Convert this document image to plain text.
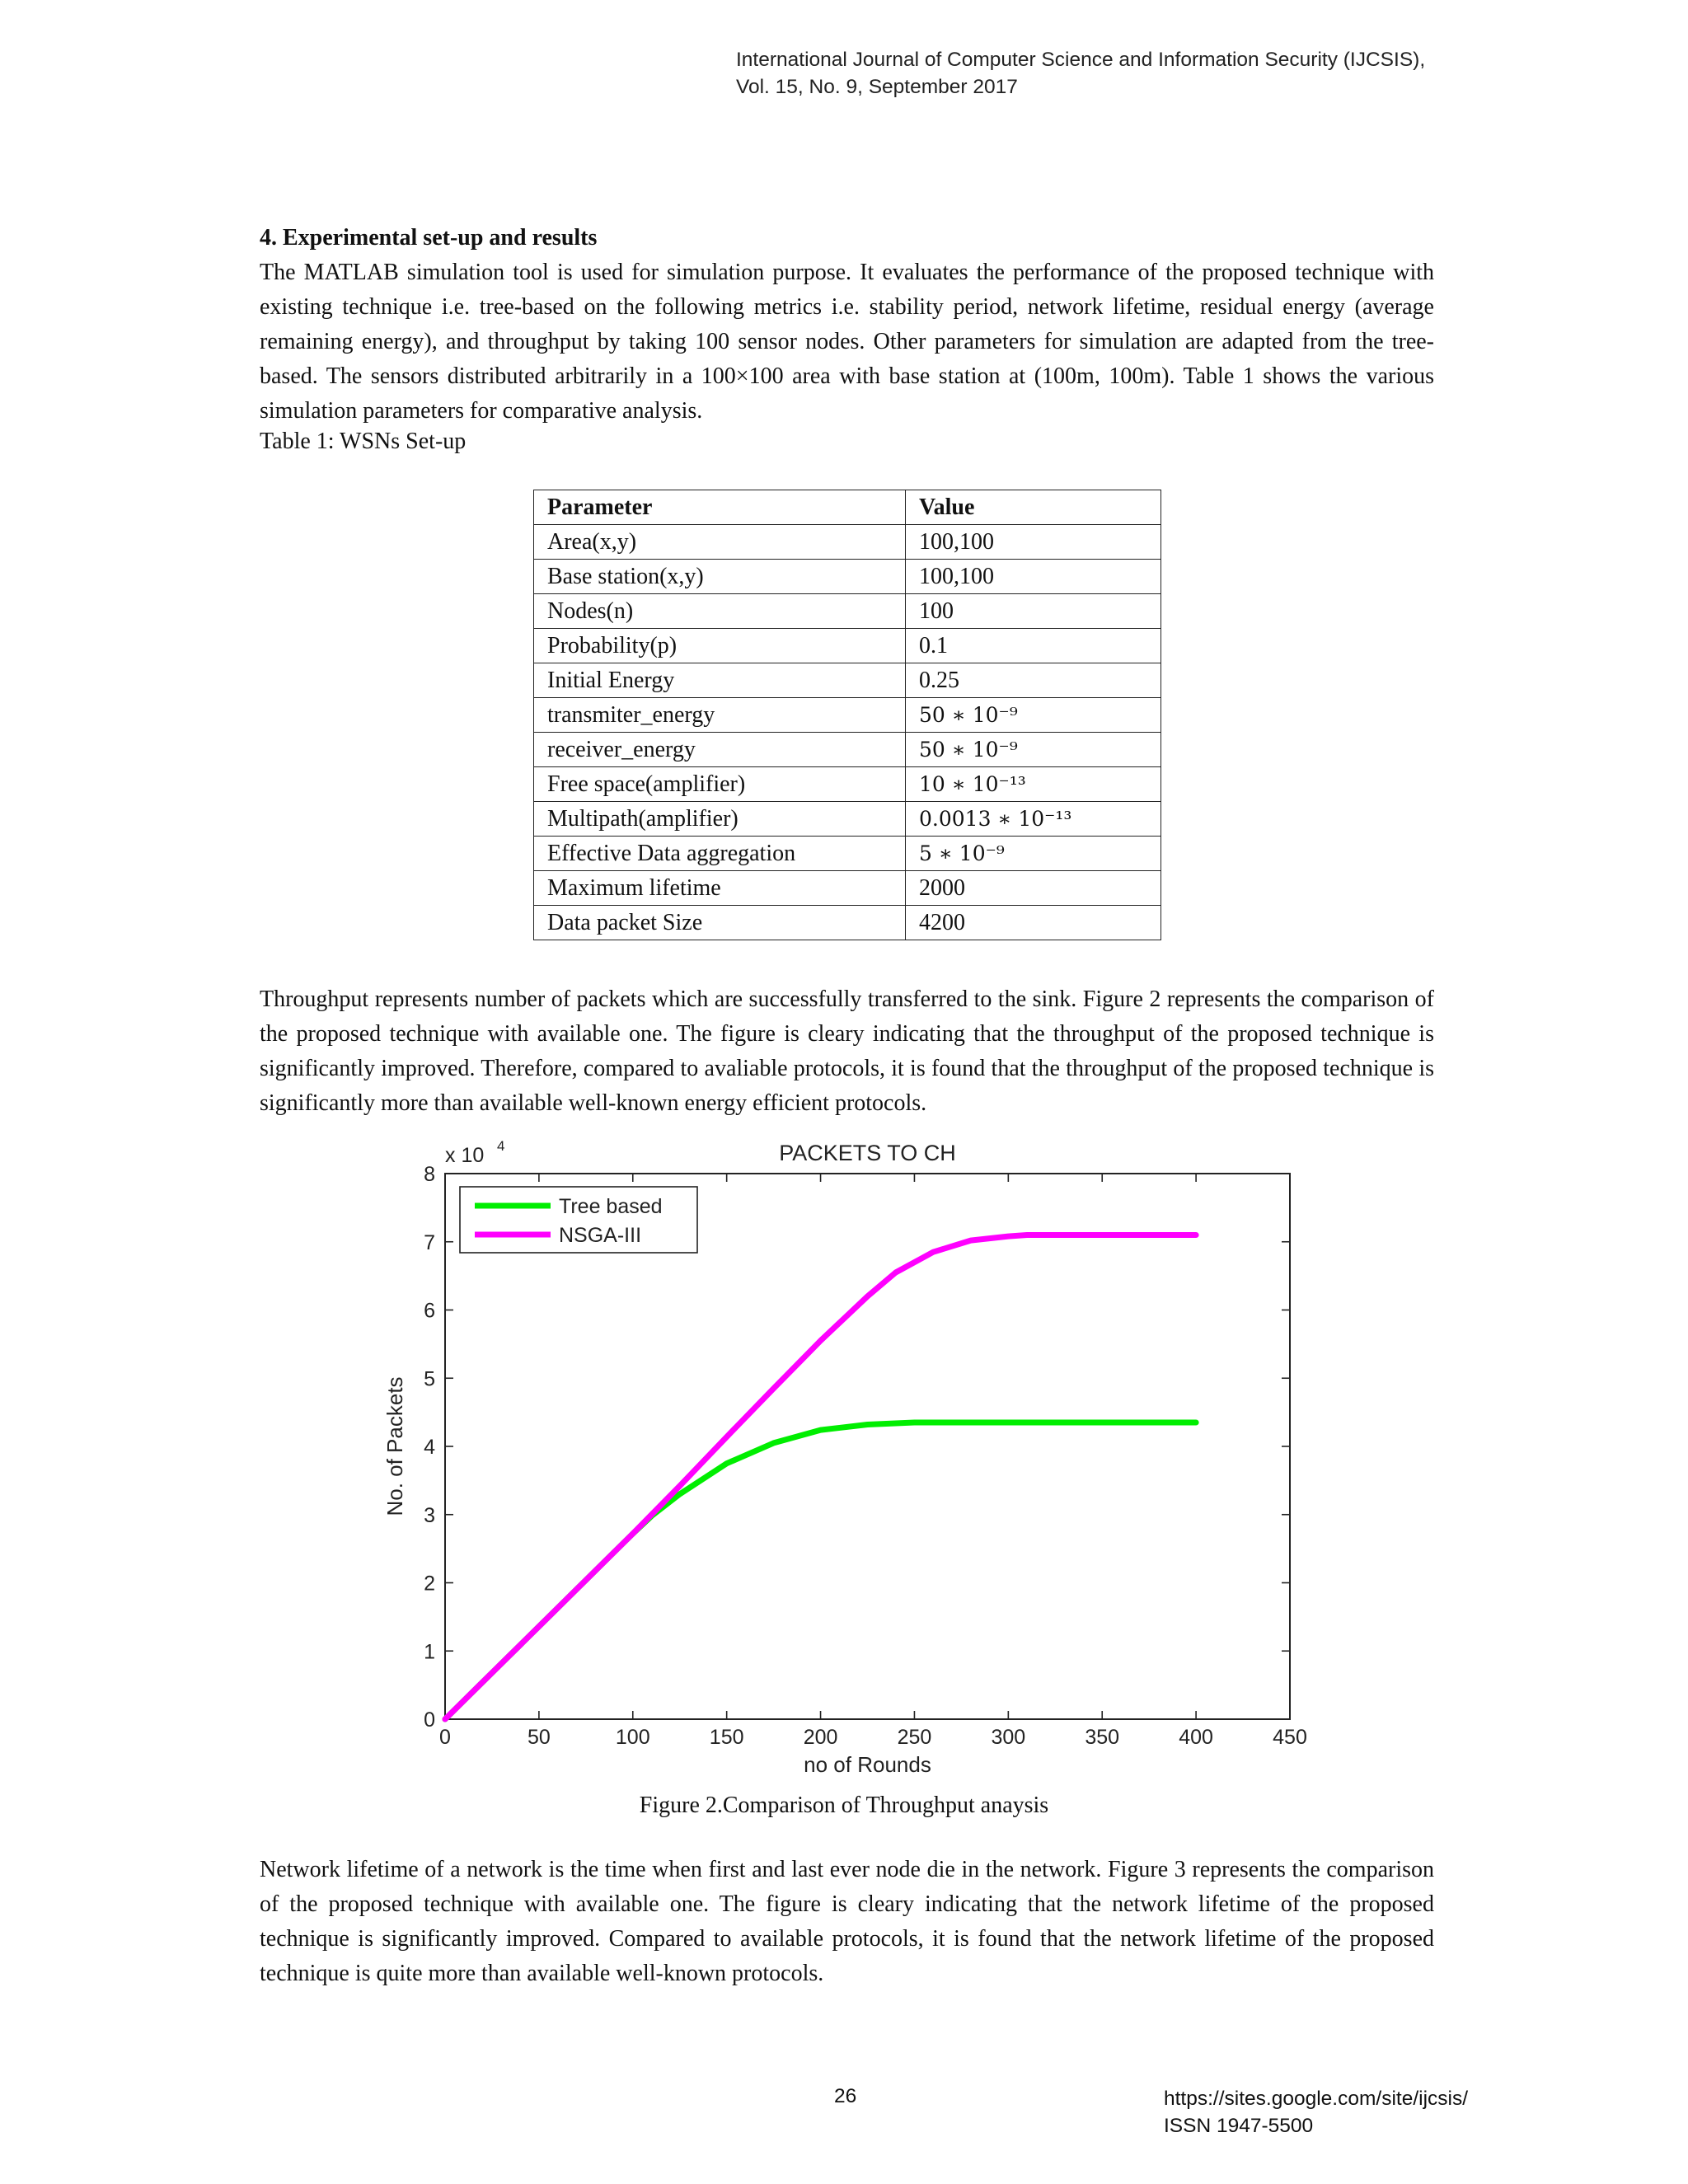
International Journal of Computer Science and Information Security (IJCSIS),
Vol. 15, No. 9, September 2017
4. Experimental set-up and results

The MATLAB simulation tool is used for simulation purpose. It evaluates the performance of the proposed technique with existing technique i.e. tree-based on the following metrics i.e. stability period, network lifetime, residual energy (average remaining energy), and throughput by taking 100 sensor nodes. Other parameters for simulation are adapted from the tree-based. The sensors distributed arbitrarily in a 100×100 area with base station at (100m, 100m). Table 1 shows the various simulation parameters for comparative analysis.

Table 1: WSNs Set-up
Parameter	Value
Area(x,y)	100,100
Base station(x,y)	100,100
Nodes(n)	100
Probability(p)	0.1
Initial Energy	0.25
transmiter_energy	50 ∗ 10⁻⁹
receiver_energy	50 ∗ 10⁻⁹
Free space(amplifier)	10 ∗ 10⁻¹³
Multipath(amplifier)	0.0013 ∗ 10⁻¹³
Effective Data aggregation	5 ∗ 10⁻⁹
Maximum lifetime	2000
Data packet Size	4200

Throughput represents number of packets which are successfully transferred to the sink. Figure 2 represents the comparison of the proposed technique with available one. The figure is cleary indicating that the throughput of the proposed technique is significantly improved. Therefore, compared to avaliable protocols, it is found that the throughput of the proposed technique is significantly more than available well-known energy efficient protocols.

0	50	100	150	200	250	300	350	400	450
0
1
2
3
4
5
6
7
8
x 10 4	PACKETS TO CH
no of Rounds
No. of Packets
Tree based
NSGA-III
Figure 2.Comparison of Throughput anaysis

Network lifetime of a network is the time when first and last ever node die in the network. Figure 3 represents the comparison of the proposed technique with available one. The figure is cleary indicating that the network lifetime of the proposed technique is significantly improved. Compared to available protocols, it is found that the network lifetime of the proposed technique is quite more than available well-known protocols.

26	https://sites.google.com/site/ijcsis/
ISSN 1947-5500
